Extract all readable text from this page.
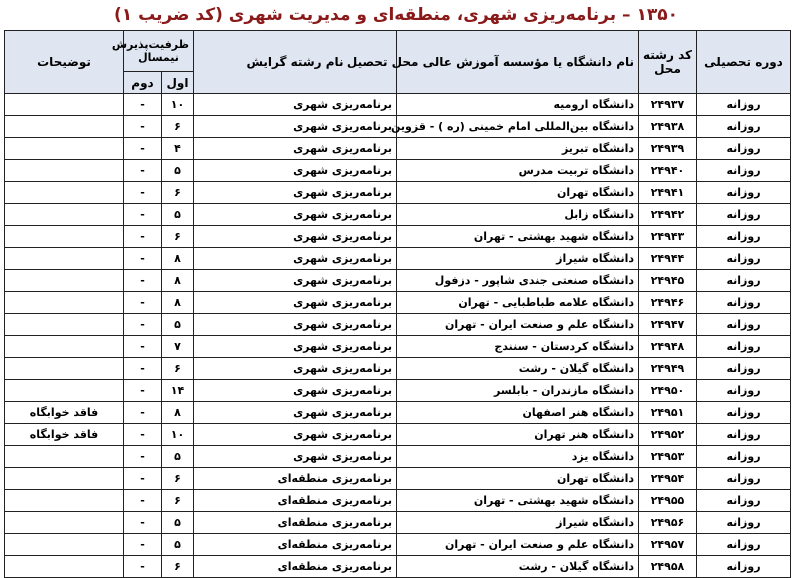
۱۳۵۰ – برنامه‌ریزی شهری، منطقه‌ای و مدیریت شهری (کد ضریب ۱)
دوره تحصیلی	کد رشته محل	نام دانشگاه یا مؤسسه آموزش عالی محل تحصیل	نام رشته گرایش	ظرفیت‌پذیرش نیمسال		توضیحات
				اول	دوم	
روزانه	۲۴۹۳۷	دانشگاه ارومیه	برنامه‌ریزی شهری	۱۰	-	
روزانه	۲۴۹۳۸	دانشگاه بین‌المللی امام خمینی (ره ) - قزوین	برنامه‌ریزی شهری	۶	-	
روزانه	۲۴۹۳۹	دانشگاه تبریز	برنامه‌ریزی شهری	۴	-	
روزانه	۲۴۹۴۰	دانشگاه تربیت مدرس	برنامه‌ریزی شهری	۵	-	
روزانه	۲۴۹۴۱	دانشگاه تهران	برنامه‌ریزی شهری	۶	-	
روزانه	۲۴۹۴۲	دانشگاه زابل	برنامه‌ریزی شهری	۵	-	
روزانه	۲۴۹۴۳	دانشگاه شهید بهشتی - تهران	برنامه‌ریزی شهری	۶	-	
روزانه	۲۴۹۴۴	دانشگاه شیراز	برنامه‌ریزی شهری	۸	-	
روزانه	۲۴۹۴۵	دانشگاه صنعتی جندی شاپور - دزفول	برنامه‌ریزی شهری	۸	-	
روزانه	۲۴۹۴۶	دانشگاه علامه طباطبایی - تهران	برنامه‌ریزی شهری	۸	-	
روزانه	۲۴۹۴۷	دانشگاه علم و صنعت ایران - تهران	برنامه‌ریزی شهری	۵	-	
روزانه	۲۴۹۴۸	دانشگاه کردستان - سنندج	برنامه‌ریزی شهری	۷	-	
روزانه	۲۴۹۴۹	دانشگاه گیلان - رشت	برنامه‌ریزی شهری	۶	-	
روزانه	۲۴۹۵۰	دانشگاه مازندران - بابلسر	برنامه‌ریزی شهری	۱۴	-	
روزانه	۲۴۹۵۱	دانشگاه هنر اصفهان	برنامه‌ریزی شهری	۸	-	فاقد خوابگاه
روزانه	۲۴۹۵۲	دانشگاه هنر تهران	برنامه‌ریزی شهری	۱۰	-	فاقد خوابگاه
روزانه	۲۴۹۵۳	دانشگاه یزد	برنامه‌ریزی شهری	۵	-	
روزانه	۲۴۹۵۴	دانشگاه تهران	برنامه‌ریزی منطقه‌ای	۶	-	
روزانه	۲۴۹۵۵	دانشگاه شهید بهشتی - تهران	برنامه‌ریزی منطقه‌ای	۶	-	
روزانه	۲۴۹۵۶	دانشگاه شیراز	برنامه‌ریزی منطقه‌ای	۵	-	
روزانه	۲۴۹۵۷	دانشگاه علم و صنعت ایران - تهران	برنامه‌ریزی منطقه‌ای	۵	-	
روزانه	۲۴۹۵۸	دانشگاه گیلان - رشت	برنامه‌ریزی منطقه‌ای	۶	-	
